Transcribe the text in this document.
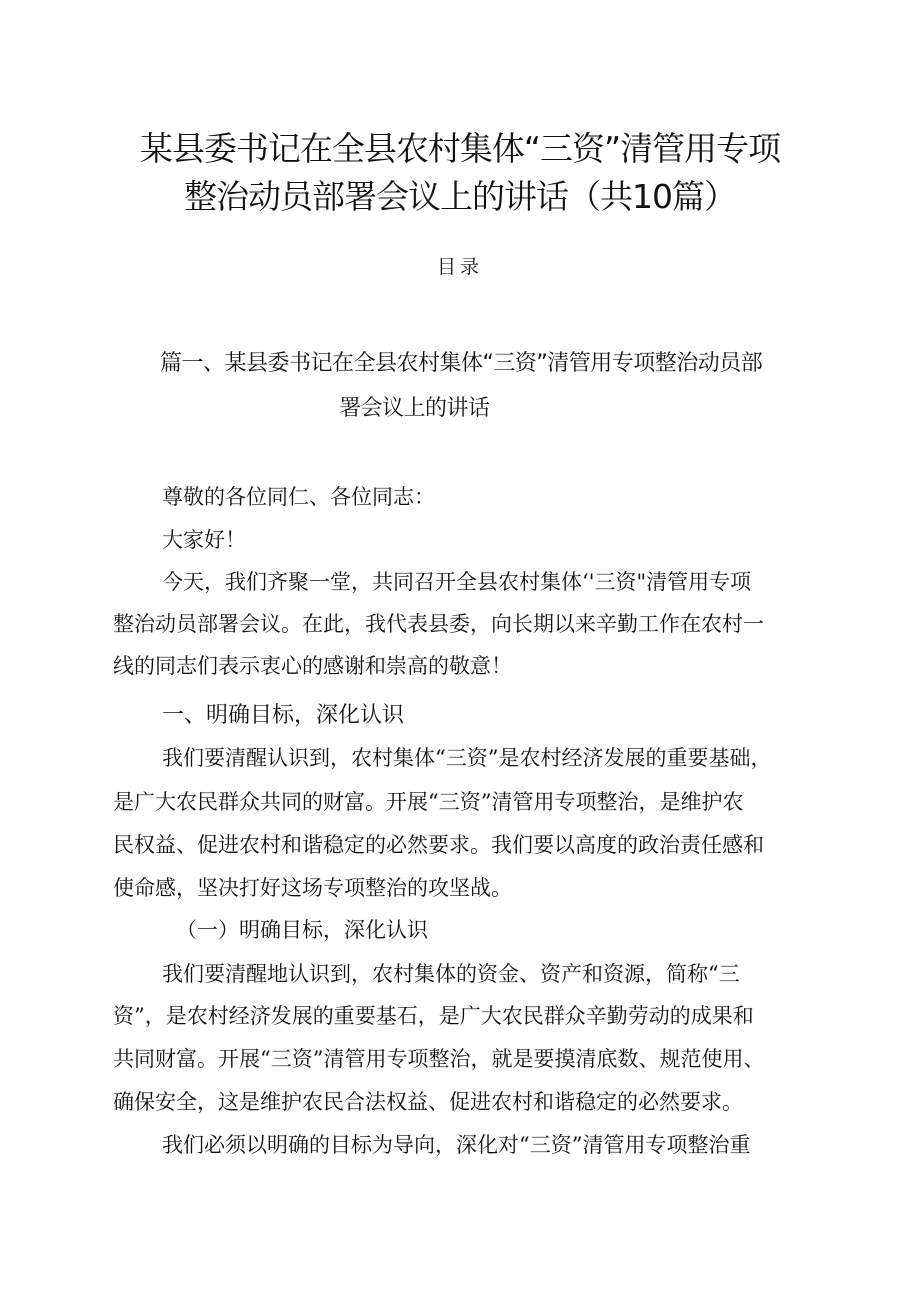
某县委书记在全县农村集体“三资”清管用专项
整治动员部署会议上的讲话（共10篇）
目录
篇一、某县委书记在全县农村集体“三资”清管用专项整治动员部
署会议上的讲话

尊敬的各位同仁、各位同志：

大家好！

今天，我们齐聚一堂，共同召开全县农村集体‘'三资"清管用专项

整治动员部署会议。在此，我代表县委，向长期以来辛勤工作在农村一

线的同志们表示衷心的感谢和崇高的敬意！

一、明确目标，深化认识

我们要清醒认识到，农村集体“三资”是农村经济发展的重要基础，

是广大农民群众共同的财富。开展“三资”清管用专项整治，是维护农

民权益、促进农村和谐稳定的必然要求。我们要以高度的政治责任感和

使命感，坚决打好这场专项整治的攻坚战。

（一）明确目标，深化认识

我们要清醒地认识到，农村集体的资金、资产和资源，简称“三

资”，是农村经济发展的重要基石，是广大农民群众辛勤劳动的成果和

共同财富。开展“三资”清管用专项整治，就是要摸清底数、规范使用、

确保安全，这是维护农民合法权益、促进农村和谐稳定的必然要求。

我们必须以明确的目标为导向，深化对“三资”清管用专项整治重
